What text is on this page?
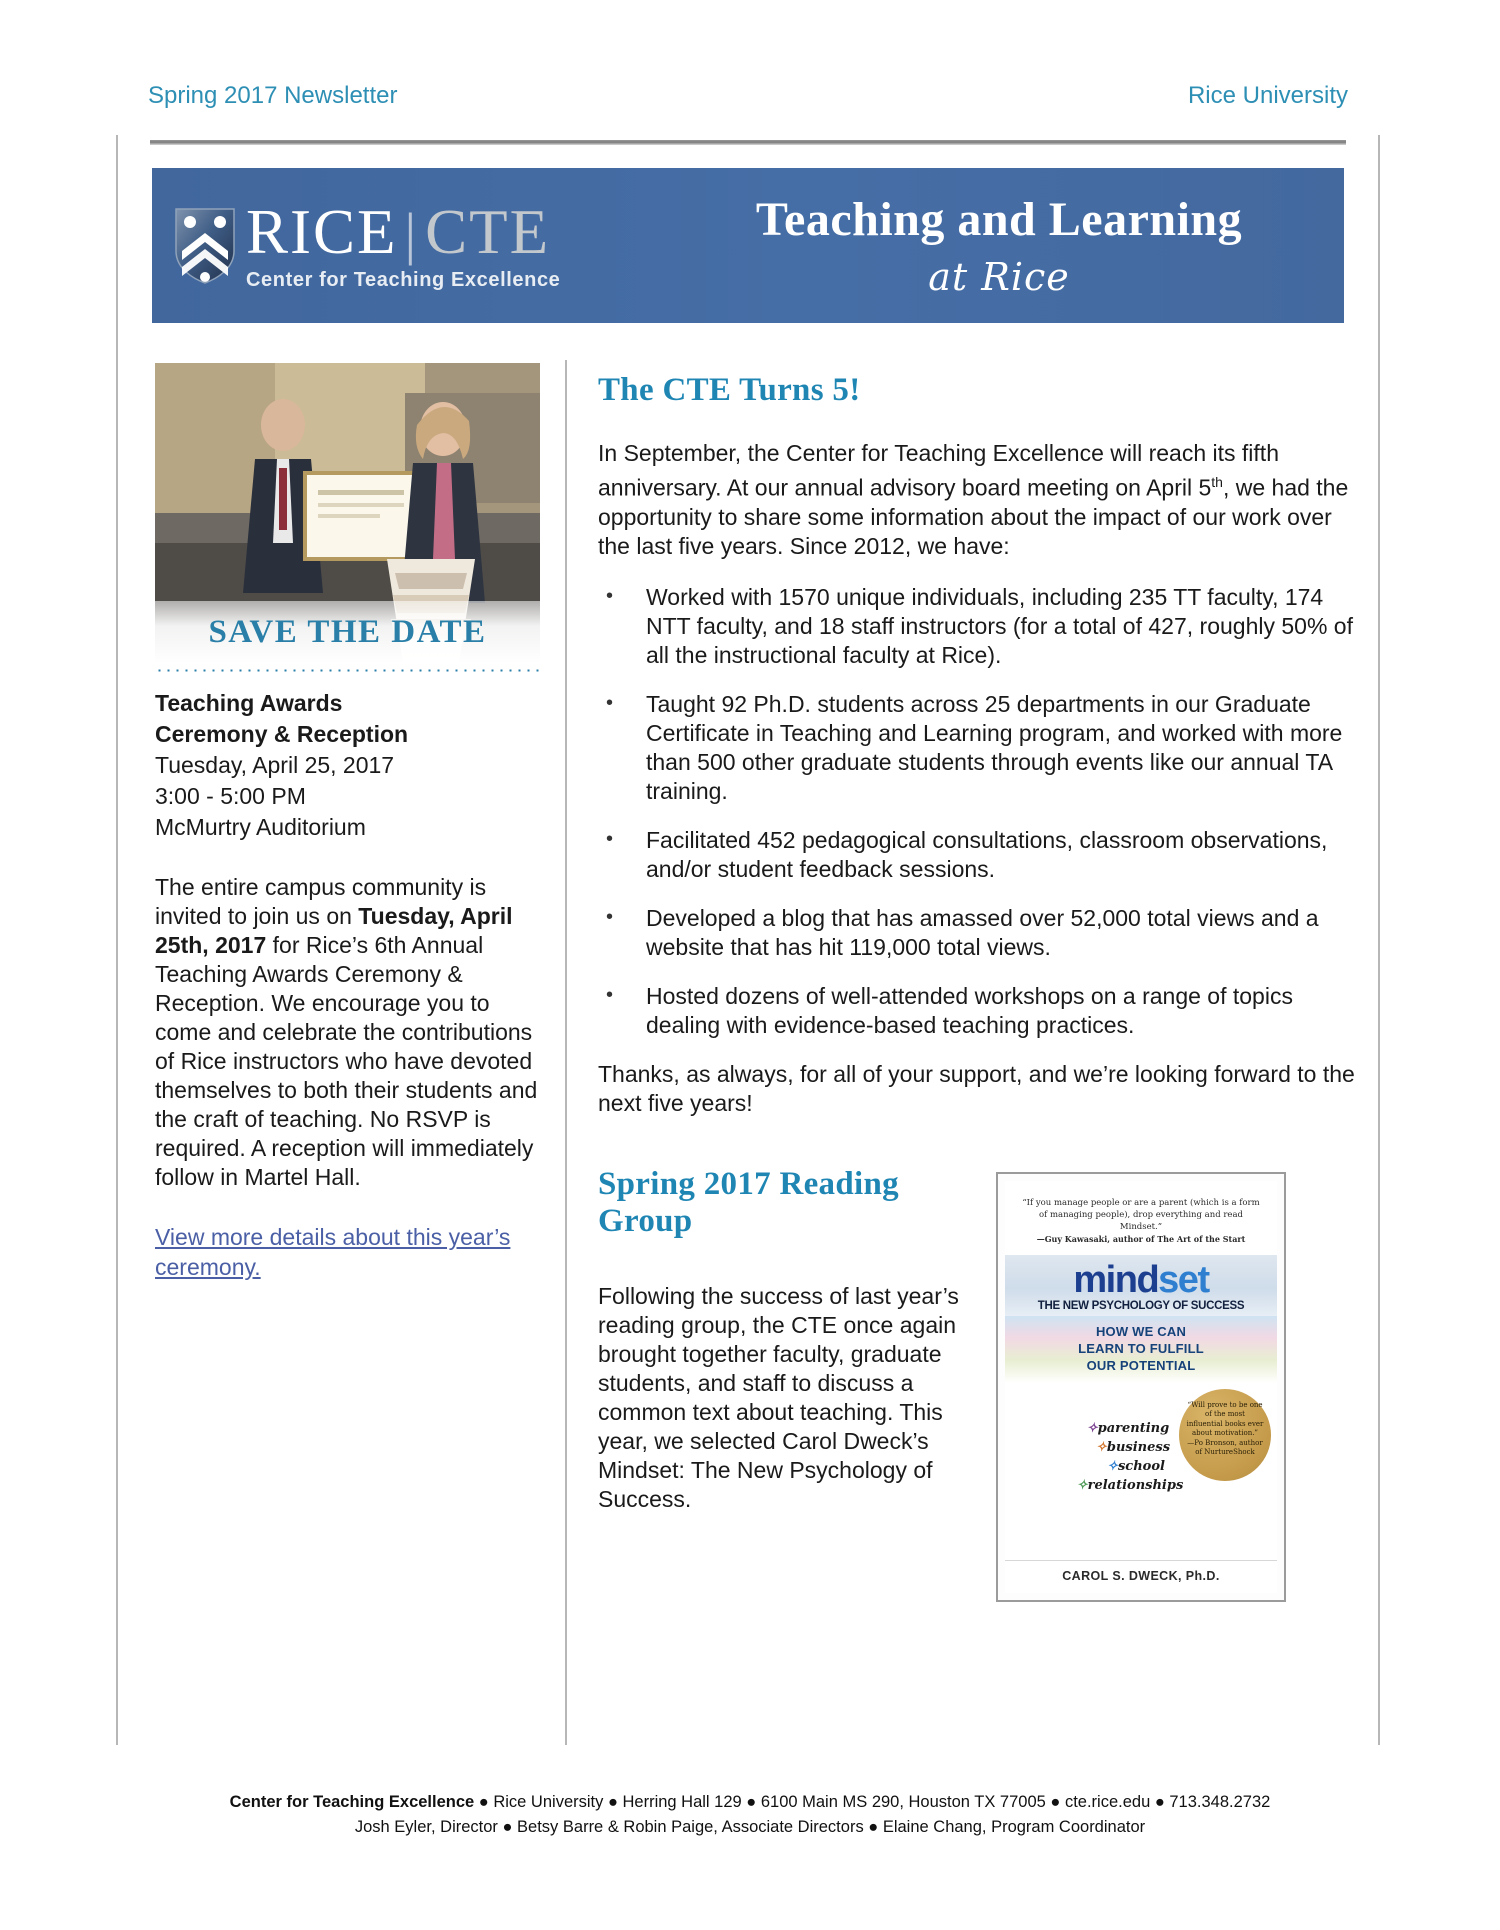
Spring 2017 Newsletter	Rice University
RICE | CTE
Center for Teaching Excellence
Teaching and Learning
at Rice
SAVE THE DATE
Teaching Awards
Ceremony & Reception
Tuesday, April 25, 2017
3:00 - 5:00 PM
McMurtry Auditorium
The entire campus community is invited to join us on Tuesday, April 25th, 2017 for Rice’s 6th Annual Teaching Awards Ceremony & Reception. We encourage you to come and celebrate the contributions of Rice instructors who have devoted themselves to both their students and the craft of teaching. No RSVP is required. A reception will immediately follow in Martel Hall.
View more details about this year’s ceremony.
The CTE Turns 5!

In September, the Center for Teaching Excellence will reach its fifth anniversary. At our annual advisory board meeting on April 5th, we had the opportunity to share some information about the impact of our work over the last five years. Since 2012, we have:

• Worked with 1570 unique individuals, including 235 TT faculty, 174 NTT faculty, and 18 staff instructors (for a total of 427, roughly 50% of all the instructional faculty at Rice).
• Taught 92 Ph.D. students across 25 departments in our Graduate Certificate in Teaching and Learning program, and worked with more than 500 other graduate students through events like our annual TA training.
• Facilitated 452 pedagogical consultations, classroom observations, and/or student feedback sessions.
• Developed a blog that has amassed over 52,000 total views and a website that has hit 119,000 total views.
• Hosted dozens of well-attended workshops on a range of topics dealing with evidence-based teaching practices.

Thanks, as always, for all of your support, and we’re looking forward to the next five years!

Spring 2017 Reading
Group

Following the success of last year’s reading group, the CTE once again brought together faculty, graduate students, and staff to discuss a common text about teaching. This year, we selected Carol Dweck’s Mindset: The New Psychology of Success.

“If you manage people or are a parent (which is a form of managing people), drop everything and read Mindset.”
—Guy Kawasaki, author of The Art of the Start
mindset
THE NEW PSYCHOLOGY OF SUCCESS
HOW WE CAN
LEARN TO FULFILL
OUR POTENTIAL
“Will prove to be one of the most influential books ever about motivation.”
—Po Bronson, author of NurtureShock
✧parenting
✧business
✧school
✧relationships
CAROL S. DWECK, Ph.D.
Center for Teaching Excellence ● Rice University ● Herring Hall 129 ● 6100 Main MS 290, Houston TX 77005 ● cte.rice.edu ● 713.348.2732
Josh Eyler, Director ● Betsy Barre & Robin Paige, Associate Directors ● Elaine Chang, Program Coordinator
